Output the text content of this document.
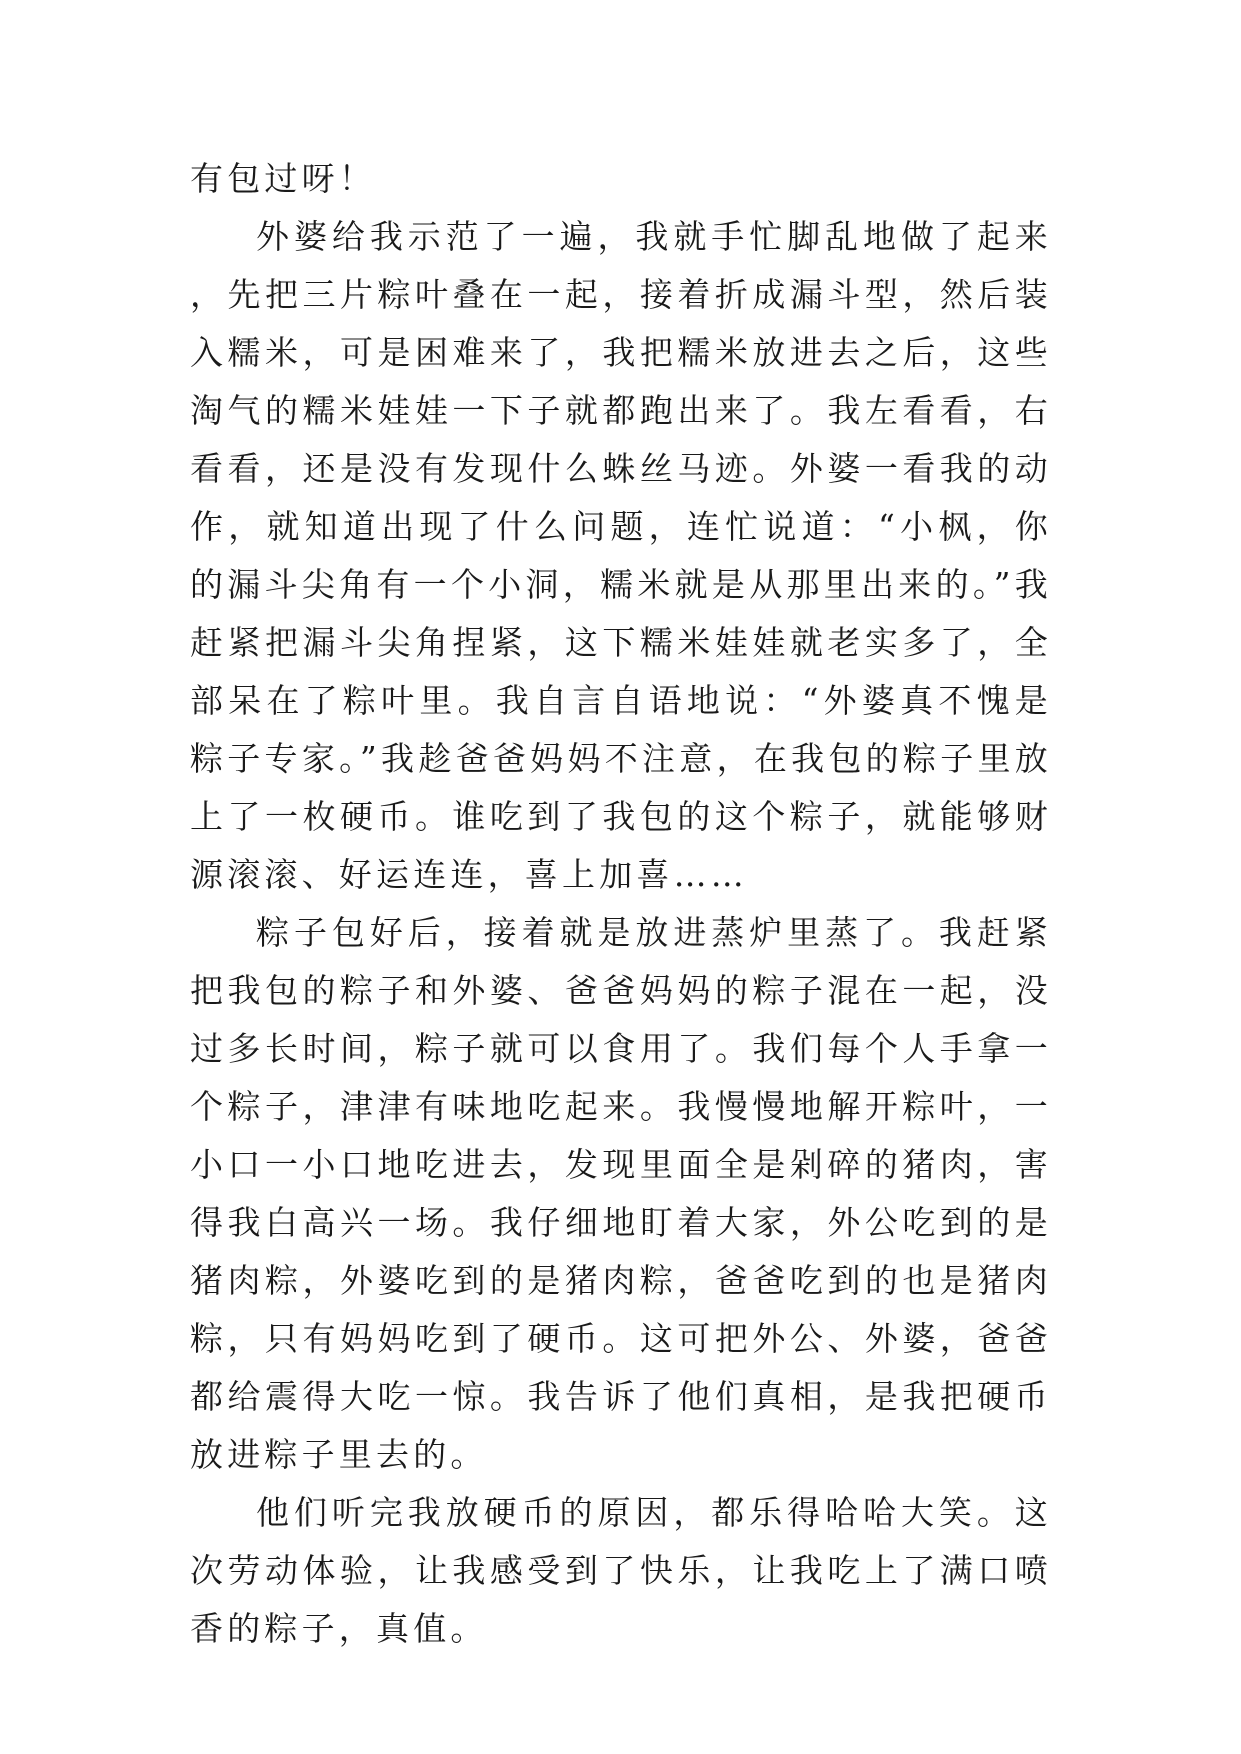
有包过呀！

外婆给我示范了一遍，我就手忙脚乱地做了起来，先把三片粽叶叠在一起，接着折成漏斗型，然后装入糯米，可是困难来了，我把糯米放进去之后，这些淘气的糯米娃娃一下子就都跑出来了。我左看看，右看看，还是没有发现什么蛛丝马迹。外婆一看我的动作，就知道出现了什么问题，连忙说道：“小枫，你的漏斗尖角有一个小洞，糯米就是从那里出来的。”我赶紧把漏斗尖角捏紧，这下糯米娃娃就老实多了，全部呆在了粽叶里。我自言自语地说：“外婆真不愧是粽子专家。”我趁爸爸妈妈不注意，在我包的粽子里放上了一枚硬币。谁吃到了我包的这个粽子，就能够财源滚滚、好运连连，喜上加喜……

粽子包好后，接着就是放进蒸炉里蒸了。我赶紧把我包的粽子和外婆、爸爸妈妈的粽子混在一起，没过多长时间，粽子就可以食用了。我们每个人手拿一个粽子，津津有味地吃起来。我慢慢地解开粽叶，一小口一小口地吃进去，发现里面全是剁碎的猪肉，害得我白高兴一场。我仔细地盯着大家，外公吃到的是猪肉粽，外婆吃到的是猪肉粽，爸爸吃到的也是猪肉粽，只有妈妈吃到了硬币。这可把外公、外婆，爸爸都给震得大吃一惊。我告诉了他们真相，是我把硬币放进粽子里去的。

他们听完我放硬币的原因，都乐得哈哈大笑。这次劳动体验，让我感受到了快乐，让我吃上了满口喷香的粽子，真值。
